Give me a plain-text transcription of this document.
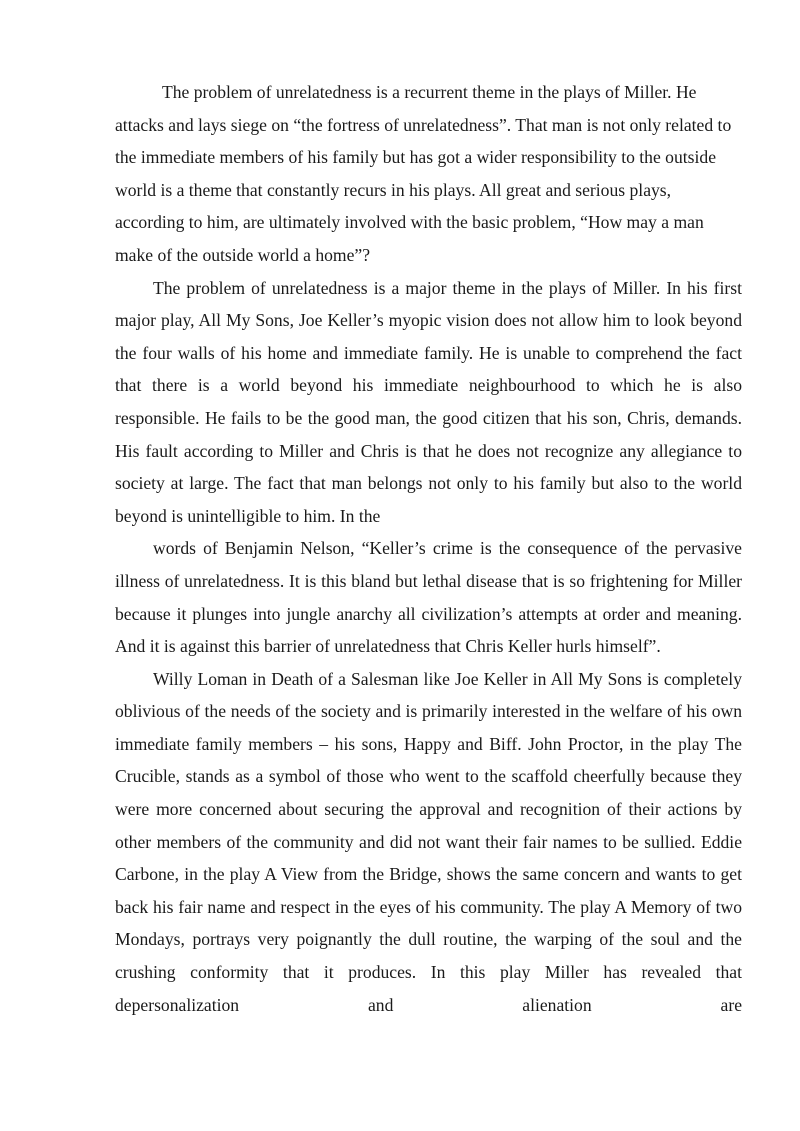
The problem of unrelatedness is a recurrent theme in the plays of Miller. He attacks and lays siege on “the fortress of unrelatedness”. That man is not only related to the immediate members of his family but has got a wider responsibility to the outside world is a theme that constantly recurs in his plays. All great and serious plays, according to him, are ultimately involved with the basic problem, “How may a man make of the outside world a home”?

The problem of unrelatedness is a major theme in the plays of Miller. In his first major play, All My Sons, Joe Keller’s myopic vision does not allow him to look beyond the four walls of his home and immediate family. He is unable to comprehend the fact that there is a world beyond his immediate neighbourhood to which he is also responsible. He fails to be the good man, the good citizen that his son, Chris, demands. His fault according to Miller and Chris is that he does not recognize any allegiance to society at large. The fact that man belongs not only to his family but also to the world beyond is unintelligible to him. In the

words of Benjamin Nelson, “Keller’s crime is the consequence of the pervasive illness of unrelatedness. It is this bland but lethal disease that is so frightening for Miller because it plunges into jungle anarchy all civilization’s attempts at order and meaning. And it is against this barrier of unrelatedness that Chris Keller hurls himself”.

Willy Loman in Death of a Salesman like Joe Keller in All My Sons is completely oblivious of the needs of the society and is primarily interested in the welfare of his own immediate family members – his sons, Happy and Biff. John Proctor, in the play The Crucible, stands as a symbol of those who went to the scaffold cheerfully because they were more concerned about securing the approval and recognition of their actions by other members of the community and did not want their fair names to be sullied. Eddie Carbone, in the play A View from the Bridge, shows the same concern and wants to get back his fair name and respect in the eyes of his community. The play A Memory of two Mondays, portrays very poignantly the dull routine, the warping of the soul and the crushing conformity that it produces. In this play Miller has revealed that depersonalization and alienation are
